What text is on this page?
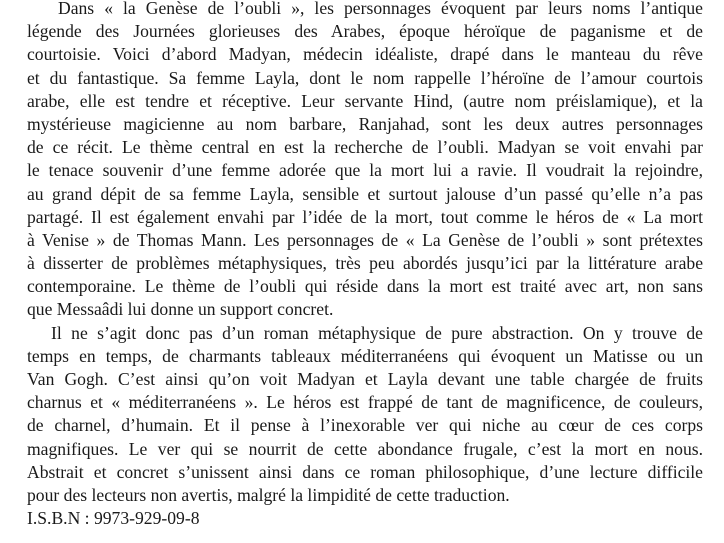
Dans « la Genèse de l’oubli », les personnages évoquent par leurs noms l’antique
légende des Journées glorieuses des Arabes, époque héroïque de paganisme et de
courtoisie. Voici d’abord Madyan, médecin idéaliste, drapé dans le manteau du rêve
et du fantastique. Sa femme Layla, dont le nom rappelle l’héroïne de l’amour courtois
arabe, elle est tendre et réceptive. Leur servante Hind, (autre nom préislamique), et la
mystérieuse magicienne au nom barbare, Ranjahad, sont les deux autres personnages
de ce récit. Le thème central en est la recherche de l’oubli. Madyan se voit envahi par
le tenace souvenir d’une femme adorée que la mort lui a ravie. Il voudrait la rejoindre,
au grand dépit de sa femme Layla, sensible et surtout jalouse d’un passé qu’elle n’a pas
partagé. Il est également envahi par l’idée de la mort, tout comme le héros de « La mort
à Venise » de Thomas Mann. Les personnages de « La Genèse de l’oubli » sont prétextes
à disserter de problèmes métaphysiques, très peu abordés jusqu’ici par la littérature arabe
contemporaine. Le thème de l’oubli qui réside dans la mort est traité avec art, non sans
que Messaâdi lui donne un support concret.
Il ne s’agit donc pas d’un roman métaphysique de pure abstraction. On y trouve de
temps en temps, de charmants tableaux méditerranéens qui évoquent un Matisse ou un
Van Gogh. C’est ainsi qu’on voit Madyan et Layla devant une table chargée de fruits
charnus et « méditerranéens ». Le héros est frappé de tant de magnificence, de couleurs,
de charnel, d’humain. Et il pense à l’inexorable ver qui niche au cœur de ces corps
magnifiques. Le ver qui se nourrit de cette abondance frugale, c’est la mort en nous.
Abstrait et concret s’unissent ainsi dans ce roman philosophique, d’une lecture difficile
pour des lecteurs non avertis, malgré la limpidité de cette traduction.
I.S.B.N : 9973-929-09-8
